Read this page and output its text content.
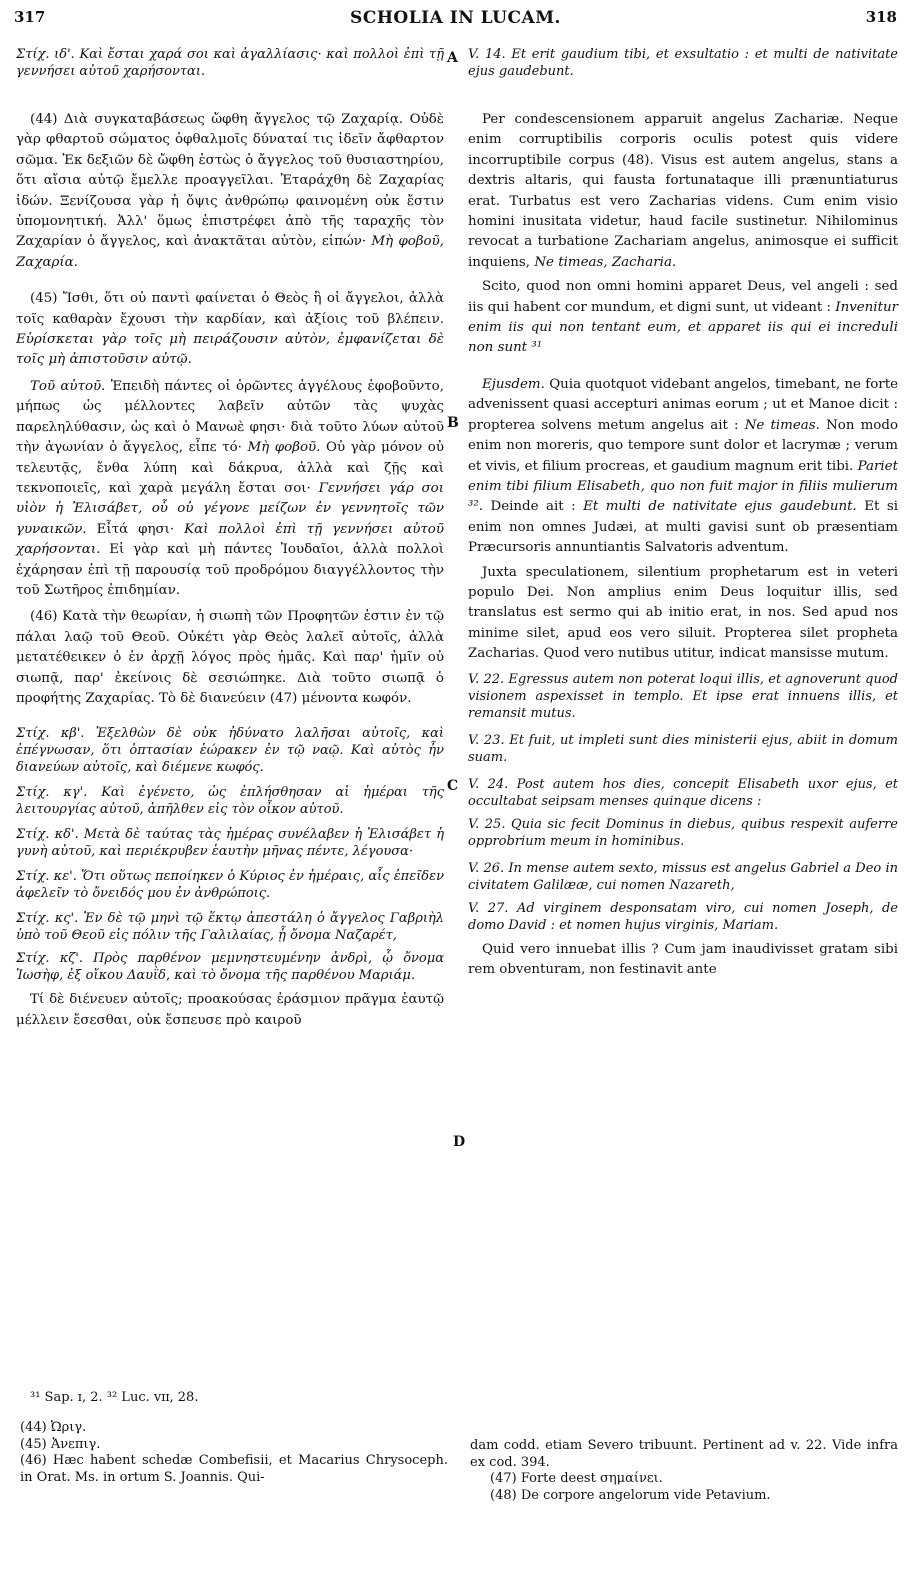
317	SCHOLIA IN LUCAM.	318

Στίχ. ιδ'. Καὶ ἔσται χαρά σοι καὶ ἀγαλλίασις· καὶ πολλοὶ ἐπὶ τῇ γεννήσει αὐτοῦ χαρήσονται.

(44) Διὰ συγκαταβάσεως ὤφθη ἄγγελος τῷ Ζαχαρίᾳ. Οὐδὲ γὰρ φθαρτοῦ σώματος ὀφθαλμοῖς δύναταί τις ἰδεῖν ἄφθαρτον σῶμα. Ἐκ δεξιῶν δὲ ὤφθη ἑστὼς ὁ ἄγγελος τοῦ θυσιαστηρίου, ὅτι αἴσια αὐτῷ ἔμελλε προαγγεῖλαι. Ἐταράχθη δὲ Ζαχαρίας ἰδών. Ξενίζουσα γὰρ ἡ ὄψις ἀνθρώπῳ φαινομένη οὐκ ἔστιν ὑπομονητική. Ἀλλ' ὅμως ἐπιστρέφει ἀπὸ τῆς ταραχῆς τὸν Ζαχαρίαν ὁ ἄγγελος, καὶ ἀνακτᾶται αὐτὸν, εἰπών· Μὴ φοβοῦ, Ζαχαρία.

(45) Ἴσθι, ὅτι οὐ παντὶ φαίνεται ὁ Θεὸς ἢ οἱ ἄγγελοι, ἀλλὰ τοῖς καθαρὰν ἔχουσι τὴν καρδίαν, καὶ ἀξίοις τοῦ βλέπειν. Εὑρίσκεται γὰρ τοῖς μὴ πειράζουσιν αὐτὸν, ἐμφανίζεται δὲ τοῖς μὴ ἀπιστοῦσιν αὐτῷ.

Τοῦ αὐτοῦ. Ἐπειδὴ πάντες οἱ ὁρῶντες ἀγγέλους ἐφοβοῦντο, μήπως ὡς μέλλοντες λαβεῖν αὐτῶν τὰς ψυχὰς παρεληλύθασιν, ὡς καὶ ὁ Μανωὲ φησι· διὰ τοῦτο λύων αὐτοῦ τὴν ἀγωνίαν ὁ ἄγγελος, εἶπε τό· Μὴ φοβοῦ. Οὐ γὰρ μόνον οὐ τελευτᾷς, ἔνθα λύπη καὶ δάκρυα, ἀλλὰ καὶ ζῇς καὶ τεκνοποιεῖς, καὶ χαρὰ μεγάλη ἔσται σοι· Γεννήσει γάρ σοι υἱὸν ἡ Ἐλισάβετ, οὗ οὐ γέγονε μείζων ἐν γεννητοῖς τῶν γυναικῶν. Εἶτά φησι· Καὶ πολλοὶ ἐπὶ τῇ γεννήσει αὐτοῦ χαρήσονται. Εἰ γὰρ καὶ μὴ πάντες Ἰουδαῖοι, ἀλλὰ πολλοὶ ἐχάρησαν ἐπὶ τῇ παρουσίᾳ τοῦ προδρόμου διαγγέλλοντος τὴν τοῦ Σωτῆρος ἐπιδημίαν.

(46) Κατὰ τὴν θεωρίαν, ἡ σιωπὴ τῶν Προφητῶν ἐστιν ἐν τῷ πάλαι λαῷ τοῦ Θεοῦ. Οὐκέτι γὰρ Θεὸς λαλεῖ αὐτοῖς, ἀλλὰ μετατέθεικεν ὁ ἐν ἀρχῇ λόγος πρὸς ἡμᾶς. Καὶ παρ' ἡμῖν οὐ σιωπᾷ, παρ' ἐκείνοις δὲ σεσιώπηκε. Διὰ τοῦτο σιωπᾷ ὁ προφήτης Ζαχαρίας. Τὸ δὲ διανεύειν (47) μένοντα κωφόν.

Στίχ. κβ'. Ἐξελθὼν δὲ οὐκ ἠδύνατο λαλῆσαι αὐτοῖς, καὶ ἐπέγνωσαν, ὅτι ὀπτασίαν ἑώρακεν ἐν τῷ ναῷ. Καὶ αὐτὸς ἦν διανεύων αὐτοῖς, καὶ διέμενε κωφός.

Στίχ. κγ'. Καὶ ἐγένετο, ὡς ἐπλήσθησαν αἱ ἡμέραι τῆς λειτουργίας αὐτοῦ, ἀπῆλθεν εἰς τὸν οἶκον αὐτοῦ.

Στίχ. κδ'. Μετὰ δὲ ταύτας τὰς ἡμέρας συνέλαβεν ἡ Ἐλισάβετ ἡ γυνὴ αὐτοῦ, καὶ περιέκρυβεν ἑαυτὴν μῆνας πέντε, λέγουσα·

Στίχ. κε'. Ὅτι οὕτως πεποίηκεν ὁ Κύριος ἐν ἡμέραις, αἷς ἐπεῖδεν ἀφελεῖν τὸ ὄνειδός μου ἐν ἀνθρώποις.

Στίχ. κς'. Ἐν δὲ τῷ μηνὶ τῷ ἕκτῳ ἀπεστάλη ὁ ἄγγελος Γαβριὴλ ὑπὸ τοῦ Θεοῦ εἰς πόλιν τῆς Γαλιλαίας, ᾗ ὄνομα Ναζαρέτ,

Στίχ. κζ'. Πρὸς παρθένον μεμνηστευμένην ἀνδρὶ, ᾧ ὄνομα Ἰωσὴφ, ἐξ οἴκου Δαυῒδ, καὶ τὸ ὄνομα τῆς παρθένου Μαριάμ.

Τί δὲ διένευεν αὐτοῖς; προακούσας ἐράσμιον πρᾶγμα ἑαυτῷ μέλλειν ἔσεσθαι, οὐκ ἔσπευσε πρὸ καιροῦ

³¹ Sap. ɪ, 2. ³² Luc. ᴠɪɪ, 28.
(44) Ὠριγ.
(45) Ἀνεπιγ.
(46) Hæc habent schedæ Combefisii, et Macarius Chrysoceph. in Orat. Ms. in ortum S. Joannis. Qui-

V. 14. Et erit gaudium tibi, et exsultatio : et multi de nativitate ejus gaudebunt.

Per condescensionem apparuit angelus Zachariæ. Neque enim corruptibilis corporis oculis potest quis videre incorruptibile corpus (48). Visus est autem angelus, stans a dextris altaris, qui fausta fortunataque illi prænuntiaturus erat. Turbatus est vero Zacharias videns. Cum enim visio homini inusitata videtur, haud facile sustinetur. Nihilominus revocat a turbatione Zachariam angelus, animosque ei sufficit inquiens, Ne timeas, Zacharia.

Scito, quod non omni homini apparet Deus, vel angeli : sed iis qui habent cor mundum, et digni sunt, ut videant : Invenitur enim iis qui non tentant eum, et apparet iis qui ei increduli non sunt ³¹

Ejusdem. Quia quotquot videbant angelos, timebant, ne forte advenissent quasi accepturi animas eorum ; ut et Manoe dicit : propterea solvens metum angelus ait : Ne timeas. Non modo enim non moreris, quo tempore sunt dolor et lacrymæ ; verum et vivis, et filium procreas, et gaudium magnum erit tibi. Pariet enim tibi filium Elisabeth, quo non fuit major in filiis mulierum ³². Deinde ait : Et multi de nativitate ejus gaudebunt. Et si enim non omnes Judæi, at multi gavisi sunt ob præsentiam Præcursoris annuntiantis Salvatoris adventum.

Juxta speculationem, silentium prophetarum est in veteri populo Dei. Non amplius enim Deus loquitur illis, sed translatus est sermo qui ab initio erat, in nos. Sed apud nos minime silet, apud eos vero siluit. Propterea silet propheta Zacharias. Quod vero nutibus utitur, indicat mansisse mutum.

V. 22. Egressus autem non poterat loqui illis, et agnoverunt quod visionem aspexisset in templo. Et ipse erat innuens illis, et remansit mutus.

V. 23. Et fuit, ut impleti sunt dies ministerii ejus, abiit in domum suam.

V. 24. Post autem hos dies, concepit Elisabeth uxor ejus, et occultabat seipsam menses quinque dicens :

V. 25. Quia sic fecit Dominus in diebus, quibus respexit auferre opprobrium meum in hominibus.

V. 26. In mense autem sexto, missus est angelus Gabriel a Deo in civitatem Galilææ, cui nomen Nazareth,

V. 27. Ad virginem desponsatam viro, cui nomen Joseph, de domo David : et nomen hujus virginis, Mariam.

Quid vero innuebat illis ? Cum jam inaudivisset gratam sibi rem obventuram, non festinavit ante

dam codd. etiam Severo tribuunt. Pertinent ad v. 22. Vide infra ex cod. 394.
(47) Forte deest σημαίνει.
(48) De corpore angelorum vide Petavium.
A
B
C
D
